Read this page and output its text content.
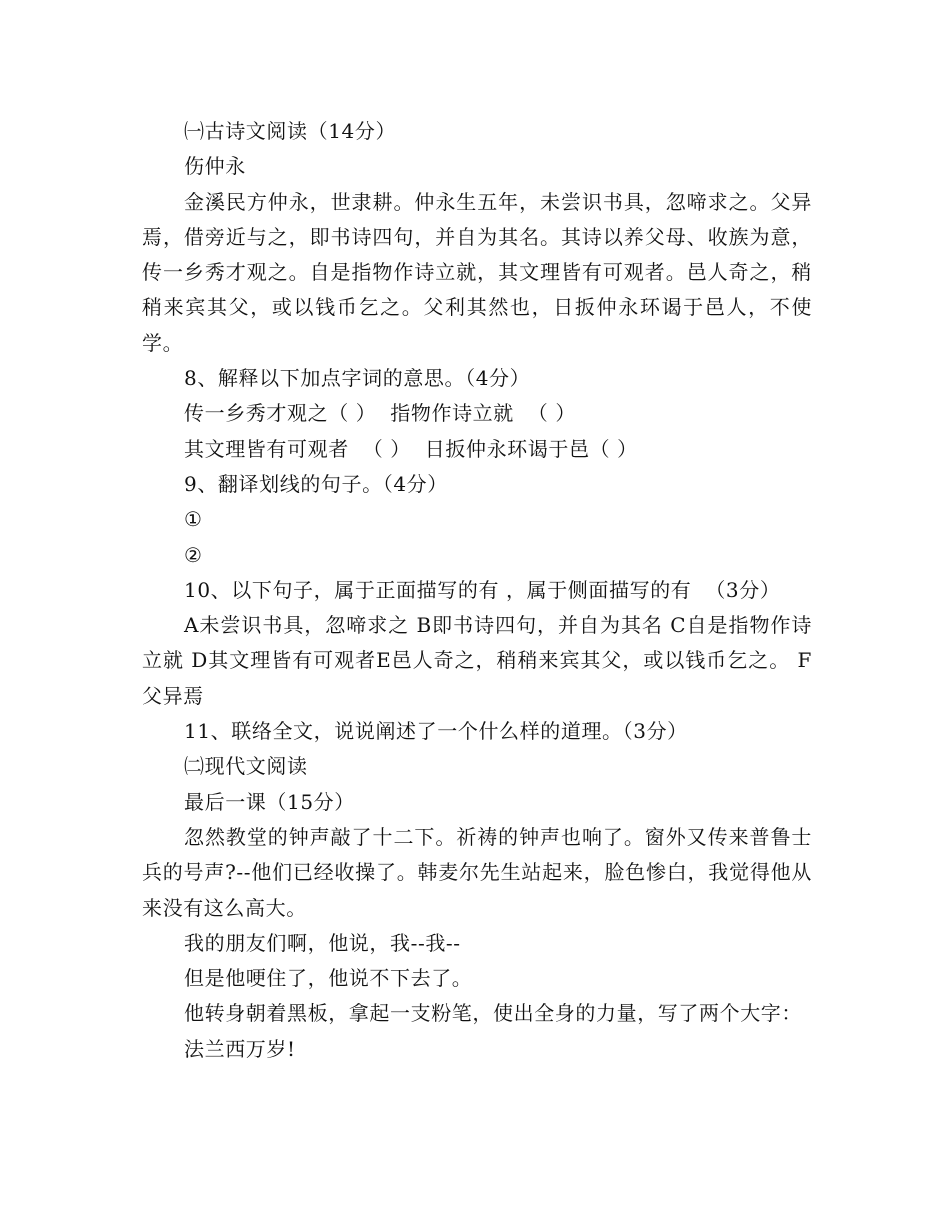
㈠古诗文阅读（14分）

伤仲永

金溪民方仲永，世隶耕。仲永生五年，未尝识书具，忽啼求之。父异焉，借旁近与之，即书诗四句，并自为其名。其诗以养父母、收族为意，传一乡秀才观之。自是指物作诗立就，其文理皆有可观者。邑人奇之，稍稍来宾其父，或以钱币乞之。父利其然也，日扳仲永环谒于邑人，不使学。

8、解释以下加点字词的意思。（4分）

传一乡秀才观之（ ）  指物作诗立就  （ ）

其文理皆有可观者  （ ）  日扳仲永环谒于邑（ ）

9、翻译划线的句子。（4分）

①

②

10、以下句子，属于正面描写的有 ，属于侧面描写的有  （3分）

A未尝识书具，忽啼求之 B即书诗四句，并自为其名 C自是指物作诗立就 D其文理皆有可观者E邑人奇之，稍稍来宾其父，或以钱币乞之。 F父异焉

11、联络全文，说说阐述了一个什么样的道理。（3分）

㈡现代文阅读

最后一课（15分）

忽然教堂的钟声敲了十二下。祈祷的钟声也响了。窗外又传来普鲁士兵的号声?--他们已经收操了。韩麦尔先生站起来，脸色惨白，我觉得他从来没有这么高大。

我的朋友们啊，他说，我--我--

但是他哽住了，他说不下去了。

他转身朝着黑板，拿起一支粉笔，使出全身的力量，写了两个大字：

法兰西万岁!
